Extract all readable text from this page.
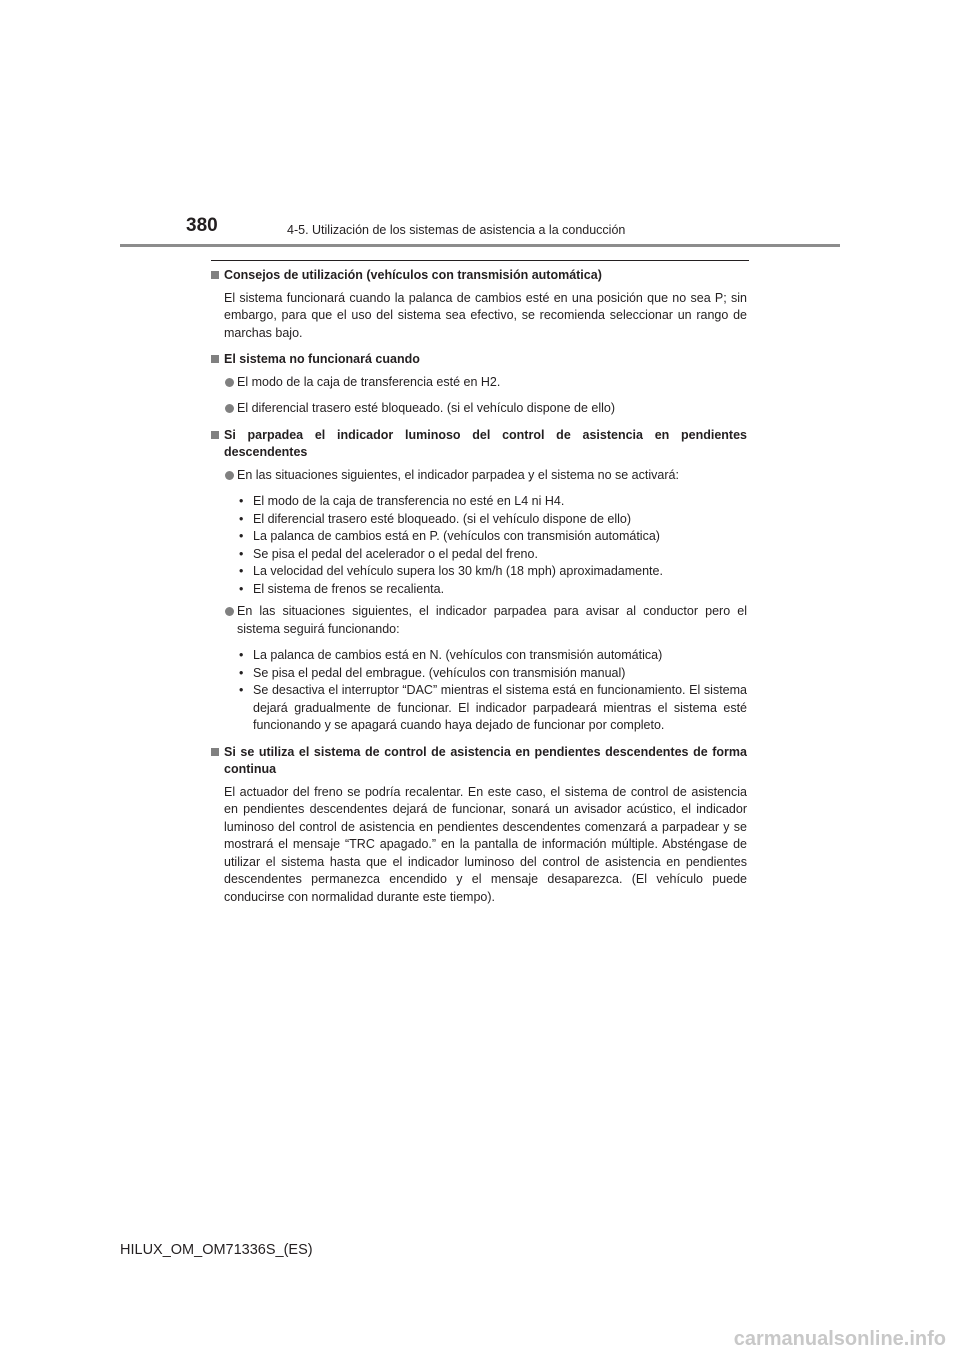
380	4-5. Utilización de los sistemas de asistencia a la conducción

Consejos de utilización (vehículos con transmisión automática)

El sistema funcionará cuando la palanca de cambios esté en una posición que no sea P; sin embargo, para que el uso del sistema sea efectivo, se recomienda seleccionar un rango de marchas bajo.

El sistema no funcionará cuando

El modo de la caja de transferencia esté en H2.

El diferencial trasero esté bloqueado. (si el vehículo dispone de ello)

Si parpadea el indicador luminoso del control de asistencia en pendientes descendentes

En las situaciones siguientes, el indicador parpadea y el sistema no se activará:

• El modo de la caja de transferencia no esté en L4 ni H4.

• El diferencial trasero esté bloqueado. (si el vehículo dispone de ello)

• La palanca de cambios está en P. (vehículos con transmisión automática)

• Se pisa el pedal del acelerador o el pedal del freno.

• La velocidad del vehículo supera los 30 km/h (18 mph) aproximadamente.

• El sistema de frenos se recalienta.

En las situaciones siguientes, el indicador parpadea para avisar al conductor pero el sistema seguirá funcionando:

• La palanca de cambios está en N. (vehículos con transmisión automática)

• Se pisa el pedal del embrague. (vehículos con transmisión manual)

• Se desactiva el interruptor “DAC” mientras el sistema está en funcionamiento. El sistema dejará gradualmente de funcionar. El indicador parpadeará mientras el sistema esté funcionando y se apagará cuando haya dejado de funcionar por completo.

Si se utiliza el sistema de control de asistencia en pendientes descendentes de forma continua

El actuador del freno se podría recalentar. En este caso, el sistema de control de asistencia en pendientes descendentes dejará de funcionar, sonará un avisador acústico, el indicador luminoso del control de asistencia en pendientes descendentes comenzará a parpadear y se mostrará el mensaje “TRC apagado.” en la pantalla de información múltiple. Absténgase de utilizar el sistema hasta que el indicador luminoso del control de asistencia en pendientes descendentes permanezca encendido y el mensaje desaparezca. (El vehículo puede conducirse con normalidad durante este tiempo).

HILUX_OM_OM71336S_(ES)
carmanualsonline.info
